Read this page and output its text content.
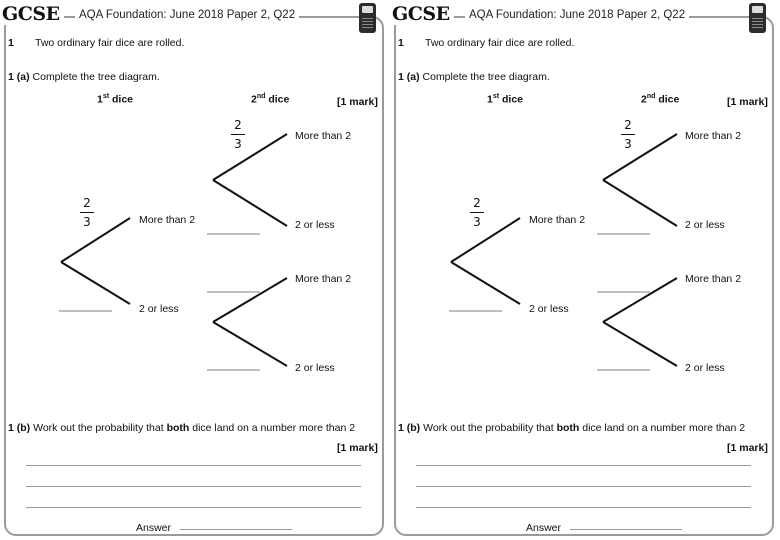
GCSE	AQA Foundation: June 2018 Paper 2, Q22
1 Two ordinary fair dice are rolled.
1 (a) Complete the tree diagram.
1st dice	2nd dice	[1 mark]
2
3
2
3
More than 2
2 or less
More than 2
2 or less
More than 2
2 or less
1 (b) Work out the probability that both dice land on a number more than 2
[1 mark]
Answer
GCSE	AQA Foundation: June 2018 Paper 2, Q22
1 Two ordinary fair dice are rolled.
1 (a) Complete the tree diagram.
1st dice	2nd dice	[1 mark]
2
3
2
3
More than 2
2 or less
More than 2
2 or less
More than 2
2 or less
1 (b) Work out the probability that both dice land on a number more than 2
[1 mark]
Answer
